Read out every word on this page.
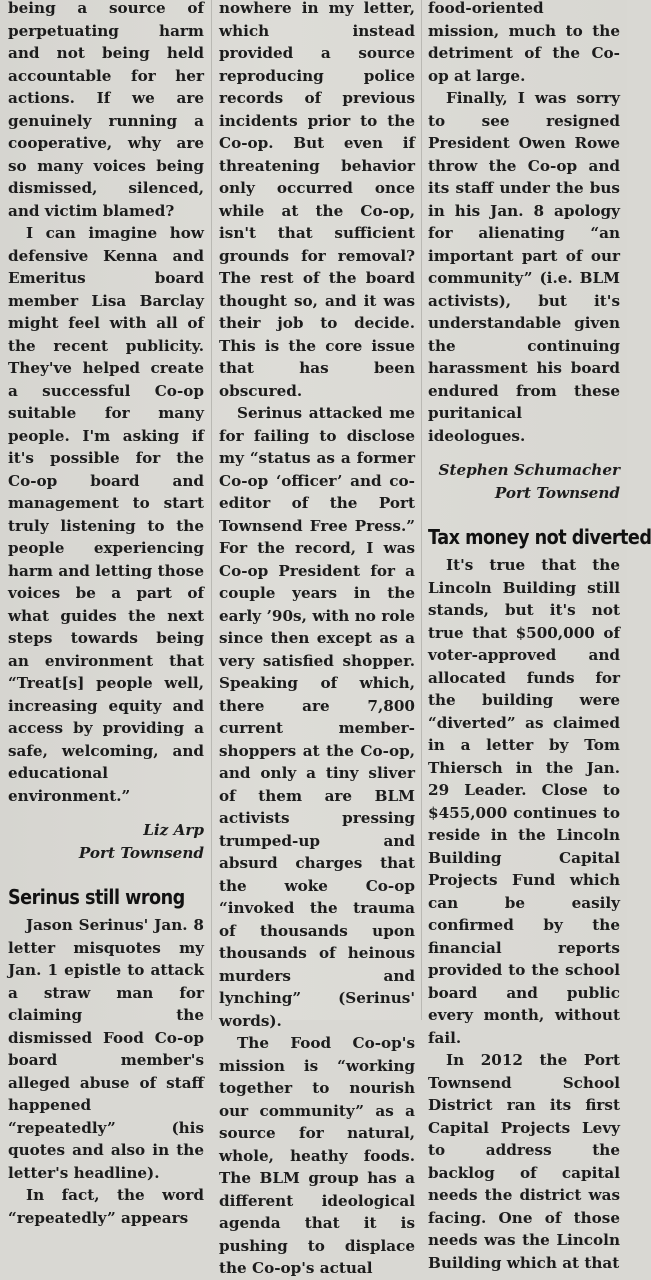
being a source of perpetuating harm and not being held accountable for her actions. If we are genuinely running a cooperative, why are so many voices being dismissed, silenced, and victim blamed?

I can imagine how defensive Kenna and Emeritus board member Lisa Barclay might feel with all of the recent publicity. They've helped create a successful Co-op suitable for many people. I'm asking if it's possible for the Co-op board and management to start truly listening to the people experiencing harm and letting those voices be a part of what guides the next steps towards being an environment that “Treat[s] people well, increasing equity and access by providing a safe, welcoming, and educational environment.”

Liz Arp

Port Townsend

Serinus still wrong

Jason Serinus' Jan. 8 letter misquotes my Jan. 1 epistle to attack a straw man for claiming the dismissed Food Co-op board member's alleged abuse of staff happened “repeatedly” (his quotes and also in the letter's headline).

In fact, the word “repeatedly” appears

nowhere in my letter, which instead provided a source reproducing police records of previous incidents prior to the Co-op. But even if threatening behavior only occurred once while at the Co-op, isn't that sufficient grounds for removal? The rest of the board thought so, and it was their job to decide. This is the core issue that has been obscured.

Serinus attacked me for failing to disclose my “status as a former Co-op ‘officer’ and co-editor of the Port Townsend Free Press.” For the record, I was Co-op President for a couple years in the early ’90s, with no role since then except as a very satisfied shopper. Speaking of which, there are 7,800 current member-shoppers at the Co-op, and only a tiny sliver of them are BLM activists pressing trumped-up and absurd charges that the woke Co-op “invoked the trauma of thousands upon thousands of heinous murders and lynching” (Serinus' words).

The Food Co-op's mission is “working together to nourish our community” as a source for natural, whole, heathy foods. The BLM group has a different ideological agenda that it is pushing to displace the Co-op's actual

food-oriented mission, much to the detriment of the Co-op at large.

Finally, I was sorry to see resigned President Owen Rowe throw the Co-op and its staff under the bus in his Jan. 8 apology for alienating “an important part of our community” (i.e. BLM activists), but it's understandable given the continuing harassment his board endured from these puritanical ideologues.

Stephen Schumacher

Port Townsend

Tax money not diverted

It's true that the Lincoln Building still stands, but it's not true that $500,000 of voter-approved and allocated funds for the building were “diverted” as claimed in a letter by Tom Thiersch in the Jan. 29 Leader. Close to $455,000 continues to reside in the Lincoln Building Capital Projects Fund which can be easily confirmed by the financial reports provided to the school board and public every month, without fail.

In 2012 the Port Townsend School District ran its first Capital Projects Levy to address the backlog of capital needs the district was facing. One of those needs was the Lincoln Building which at that
